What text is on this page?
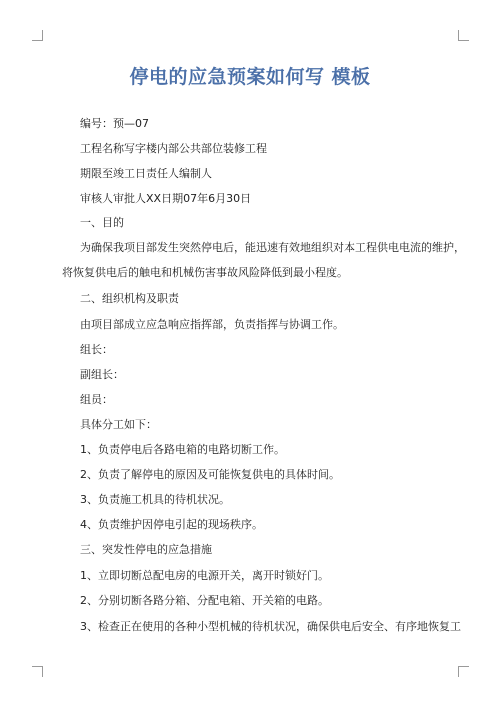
停电的应急预案如何写 模板
编号：预—07
工程名称写字楼内部公共部位装修工程
期限至竣工日责任人编制人
审核人审批人XX日期07年6月30日
一、目的
为确保我项目部发生突然停电后，能迅速有效地组织对本工程供电电流的维护，
将恢复供电后的触电和机械伤害事故风险降低到最小程度。
二、组织机构及职责
由项目部成立应急响应指挥部，负责指挥与协调工作。
组长：
副组长：
组员：
具体分工如下：
1、负责停电后各路电箱的电路切断工作。
2、负责了解停电的原因及可能恢复供电的具体时间。
3、负责施工机具的待机状况。
4、负责维护因停电引起的现场秩序。
三、突发性停电的应急措施
1、立即切断总配电房的电源开关，离开时锁好门。
2、分别切断各路分箱、分配电箱、开关箱的电路。
3、检查正在使用的各种小型机械的待机状况，确保供电后安全、有序地恢复工
